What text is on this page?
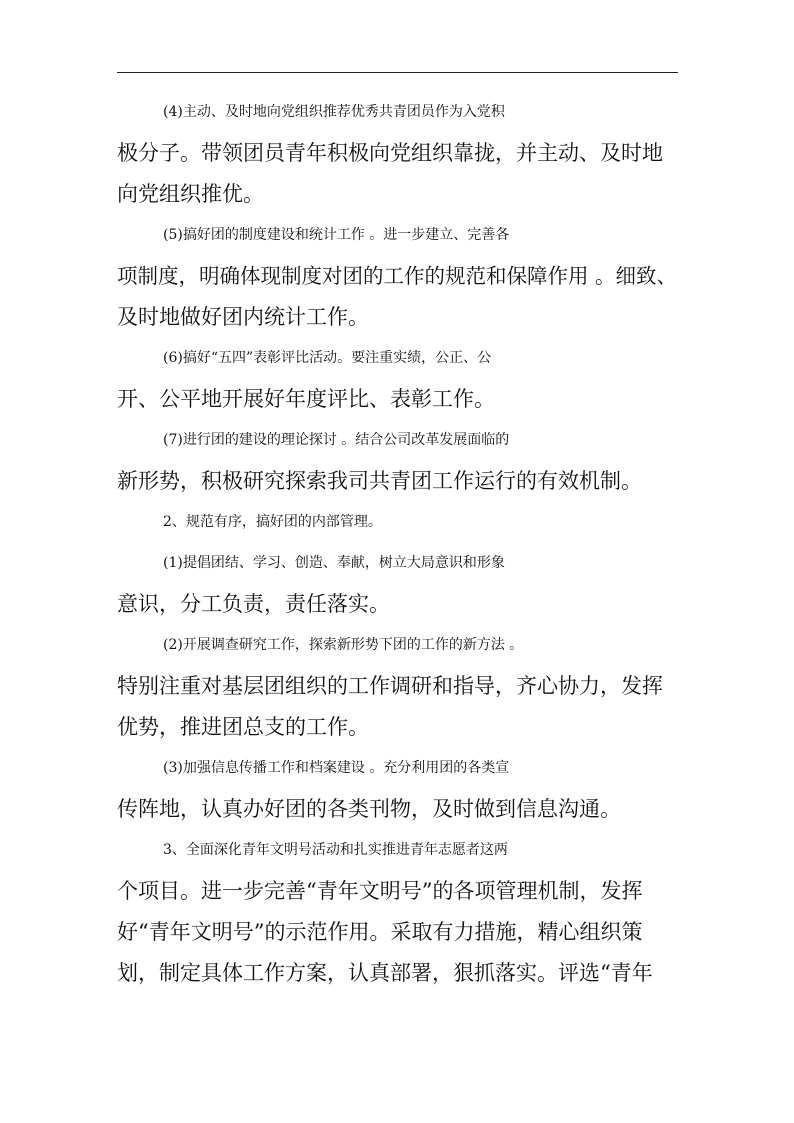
(4)主动、及时地向党组织推荐优秀共青团员作为入党积
极分子。带领团员青年积极向党组织靠拢，并主动、及时地
向党组织推优。
(5)搞好团的制度建设和统计工作 。进一步建立、完善各
项制度，明确体现制度对团的工作的规范和保障作用 。细致、
及时地做好团内统计工作。
(6)搞好“五四”表彰评比活动。要注重实绩，公正、公
开、公平地开展好年度评比、表彰工作。
(7)进行团的建设的理论探讨 。结合公司改革发展面临的
新形势，积极研究探索我司共青团工作运行的有效机制。
2、规范有序，搞好团的内部管理。
(1)提倡团结、学习、创造、奉献，树立大局意识和形象
意识，分工负责，责任落实。
(2)开展调查研究工作，探索新形势下团的工作的新方法 。
特别注重对基层团组织的工作调研和指导，齐心协力，发挥
优势，推进团总支的工作。
(3)加强信息传播工作和档案建设 。充分利用团的各类宣
传阵地，认真办好团的各类刊物，及时做到信息沟通。
3、全面深化青年文明号活动和扎实推进青年志愿者这两
个项目。进一步完善“青年文明号”的各项管理机制，发挥
好“青年文明号”的示范作用。采取有力措施，精心组织策
划，制定具体工作方案，认真部署，狠抓落实。评选“青年
